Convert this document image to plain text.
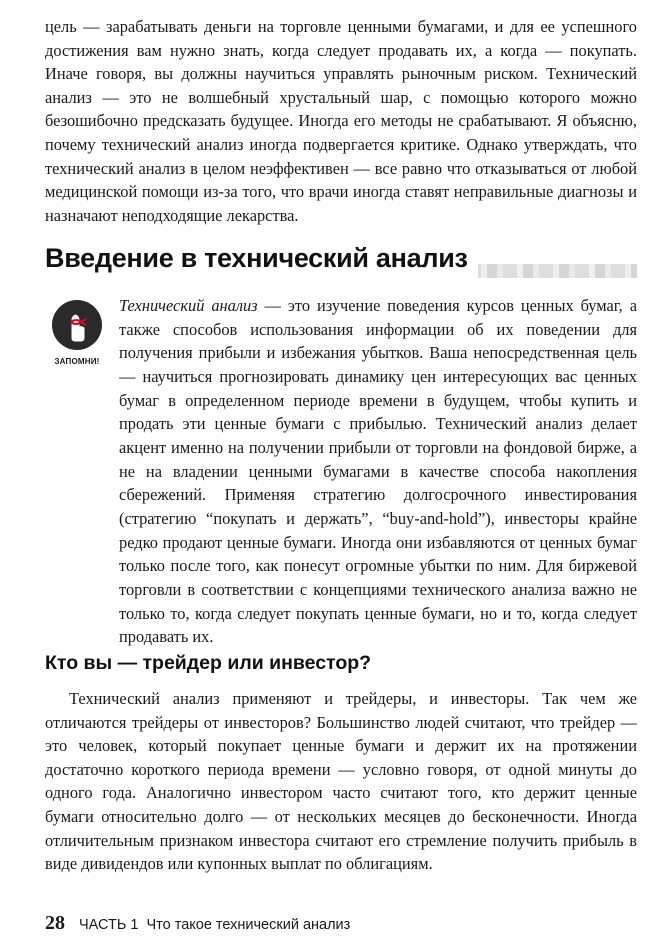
цель — зарабатывать деньги на торговле ценными бумагами, и для ее успешного достижения вам нужно знать, когда следует продавать их, а когда — покупать. Иначе говоря, вы должны научиться управлять рыночным риском. Технический анализ — это не волшебный хрустальный шар, с помощью которого можно безошибочно предсказать будущее. Иногда его методы не срабатывают. Я объясню, почему технический анализ иногда подвергается критике. Однако утверждать, что технический анализ в целом неэффективен — все равно что отказываться от любой медицинской помощи из-за того, что врачи иногда ставят неправильные диагнозы и назначают неподходящие лекарства.

Введение в технический анализ
ЗАПОМНИ!

Технический анализ — это изучение поведения курсов ценных бумаг, а также способов использования информации об их поведении для получения прибыли и избежания убытков. Ваша непосредственная цель — научиться прогнозировать динамику цен интересующих вас ценных бумаг в определенном периоде времени в будущем, чтобы купить и продать эти ценные бумаги с прибылью. Технический анализ делает акцент именно на получении прибыли от торговли на фондовой бирже, а не на владении ценными бумагами в качестве способа накопления сбережений. Применяя стратегию долгосрочного инвестирования (стратегию “покупать и держать”, “buy-and-hold”), инвесторы крайне редко продают ценные бумаги. Иногда они избавляются от ценных бумаг только после того, как понесут огромные убытки по ним. Для биржевой торговли в соответствии с концепциями технического анализа важно не только то, когда следует покупать ценные бумаги, но и то, когда следует продавать их.

Кто вы — трейдер или инвестор?

Технический анализ применяют и трейдеры, и инвесторы. Так чем же отличаются трейдеры от инвесторов? Большинство людей считают, что трейдер — это человек, который покупает ценные бумаги и держит их на протяжении достаточно короткого периода времени — условно говоря, от одной минуты до одного года. Аналогично инвестором часто считают того, кто держит ценные бумаги относительно долго — от нескольких месяцев до бесконечности. Иногда отличительным признаком инвестора считают его стремление получить прибыль в виде дивидендов или купонных выплат по облигациям.

28 ЧАСТЬ 1 Что такое технический анализ
